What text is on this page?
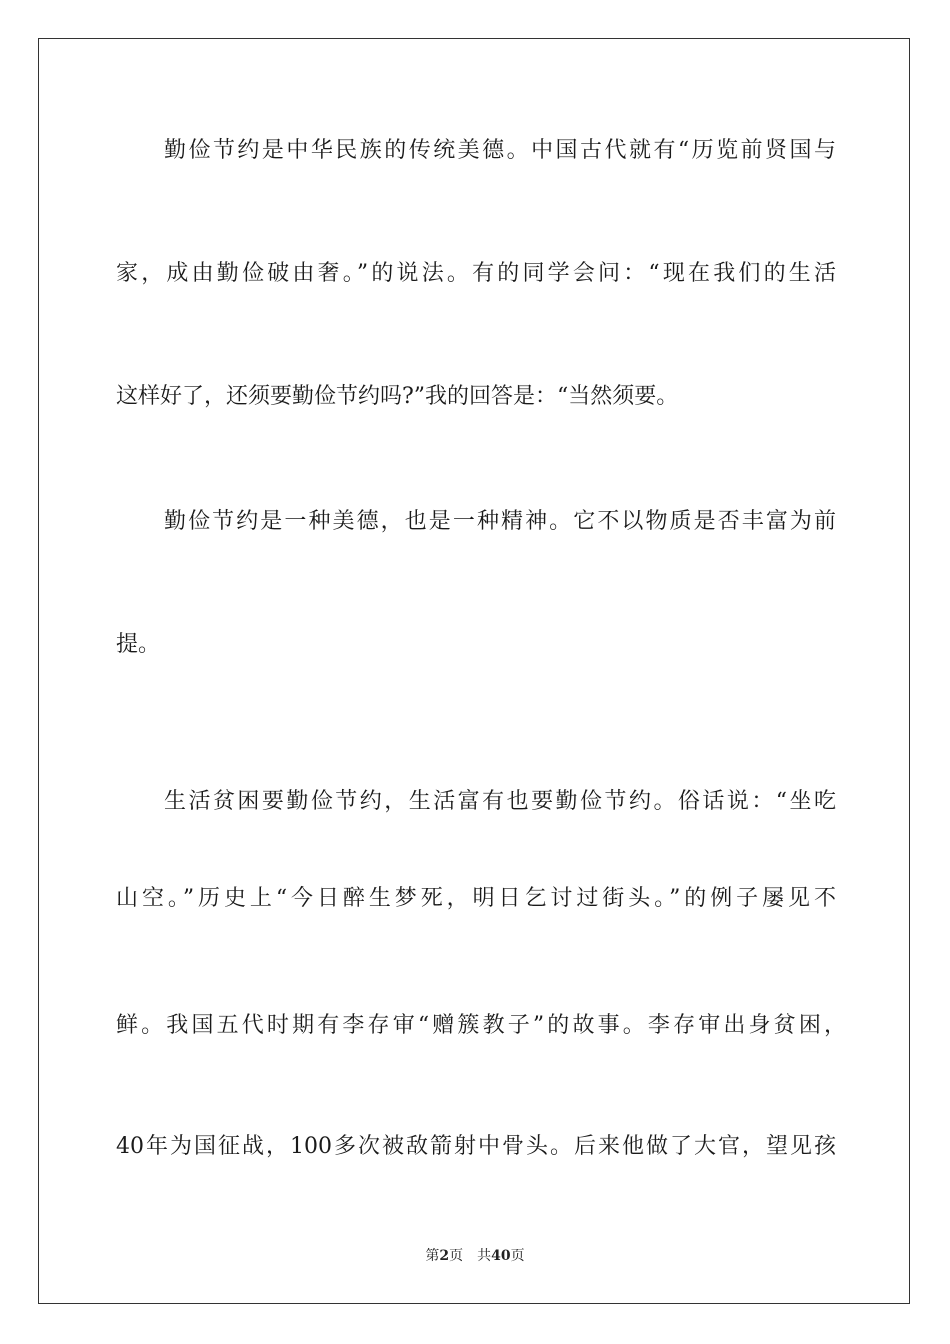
勤俭节约是中华民族的传统美德。中国古代就有“历览前贤国与
家，成由勤俭破由奢。”的说法。有的同学会问：“现在我们的生活
这样好了，还须要勤俭节约吗?”我的回答是：“当然须要。
勤俭节约是一种美德，也是一种精神。它不以物质是否丰富为前
提。
生活贫困要勤俭节约，生活富有也要勤俭节约。俗话说：“坐吃
山空。”历史上“今日醉生梦死，明日乞讨过街头。”的例子屡见不
鲜。我国五代时期有李存审“赠簇教子”的故事。李存审出身贫困，
40年为国征战，100多次被敌箭射中骨头。后来他做了大官，望见孩
第2页 共40页
